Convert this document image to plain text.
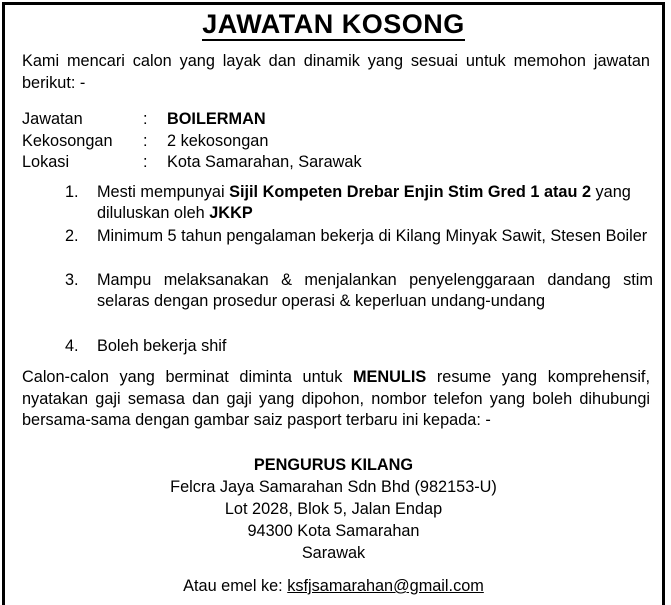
JAWATAN KOSONG
Kami mencari calon yang layak dan dinamik yang sesuai untuk memohon jawatan berikut: -
Jawatan	:	BOILERMAN
Kekosongan	:	2 kekosongan
Lokasi	:	Kota Samarahan, Sarawak
1. Mesti mempunyai Sijil Kompeten Drebar Enjin Stim Gred 1 atau 2 yang diluluskan oleh JKKP
2. Minimum 5 tahun pengalaman bekerja di Kilang Minyak Sawit, Stesen Boiler
3. Mampu melaksanakan & menjalankan penyelenggaraan dandang stim selaras dengan prosedur operasi & keperluan undang-undang
4. Boleh bekerja shif
Calon-calon yang berminat diminta untuk MENULIS resume yang komprehensif, nyatakan gaji semasa dan gaji yang dipohon, nombor telefon yang boleh dihubungi bersama-sama dengan gambar saiz pasport terbaru ini kepada: -
PENGURUS KILANG
Felcra Jaya Samarahan Sdn Bhd (982153-U)
Lot 2028, Blok 5, Jalan Endap
94300 Kota Samarahan
Sarawak
Atau emel ke: ksfjsamarahan@gmail.com
